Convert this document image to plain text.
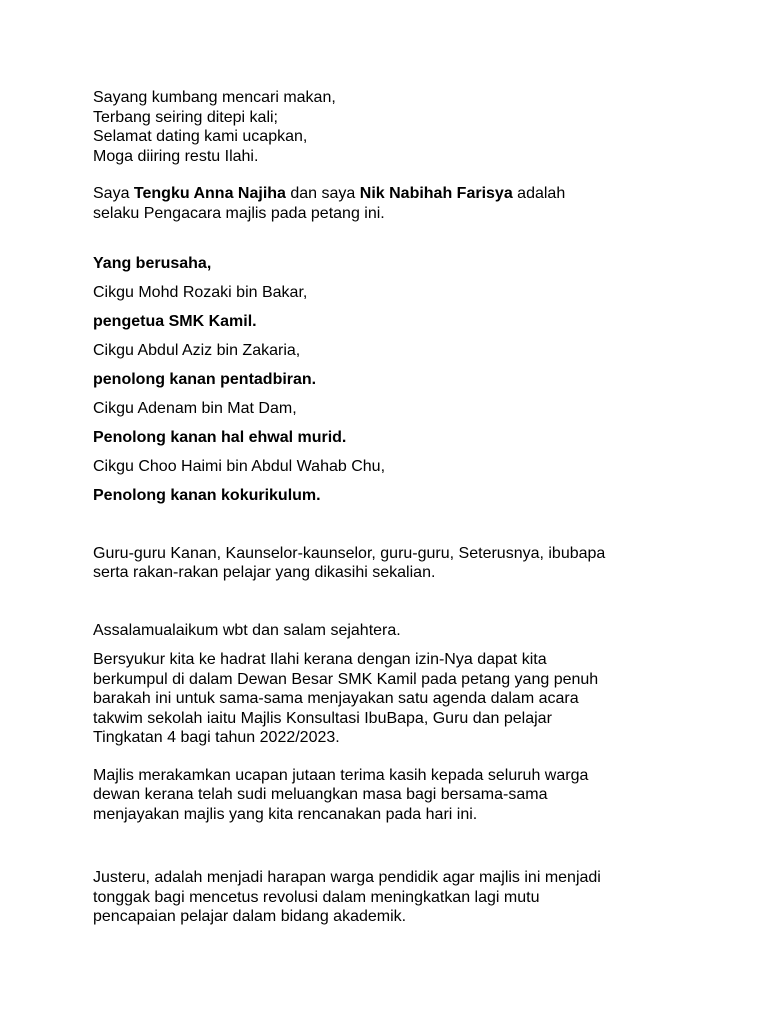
Sayang kumbang mencari makan,
Terbang seiring ditepi kali;
Selamat dating kami ucapkan,
Moga diiring restu Ilahi.
Saya Tengku Anna Najiha dan saya Nik Nabihah Farisya adalah
selaku Pengacara majlis pada petang ini.
Yang berusaha,
Cikgu Mohd Rozaki bin Bakar,
pengetua SMK Kamil.
Cikgu Abdul Aziz bin Zakaria,
penolong kanan pentadbiran.
Cikgu Adenam bin Mat Dam,
Penolong kanan hal ehwal murid.
Cikgu Choo Haimi bin Abdul Wahab Chu,
Penolong kanan kokurikulum.
Guru-guru Kanan, Kaunselor-kaunselor, guru-guru, Seterusnya, ibubapa
serta rakan-rakan pelajar yang dikasihi sekalian.
Assalamualaikum wbt dan salam sejahtera.
Bersyukur kita ke hadrat Ilahi kerana dengan izin-Nya dapat kita
berkumpul di dalam Dewan Besar SMK Kamil pada petang yang penuh
barakah ini untuk sama-sama menjayakan satu agenda dalam acara
takwim sekolah iaitu Majlis Konsultasi IbuBapa, Guru dan pelajar
Tingkatan 4 bagi tahun 2022/2023.
Majlis merakamkan ucapan jutaan terima kasih kepada seluruh warga
dewan kerana telah sudi meluangkan masa bagi bersama-sama
menjayakan majlis yang kita rencanakan pada hari ini.
Justeru, adalah menjadi harapan warga pendidik agar majlis ini menjadi
tonggak bagi mencetus revolusi dalam meningkatkan lagi mutu
pencapaian pelajar dalam bidang akademik.
